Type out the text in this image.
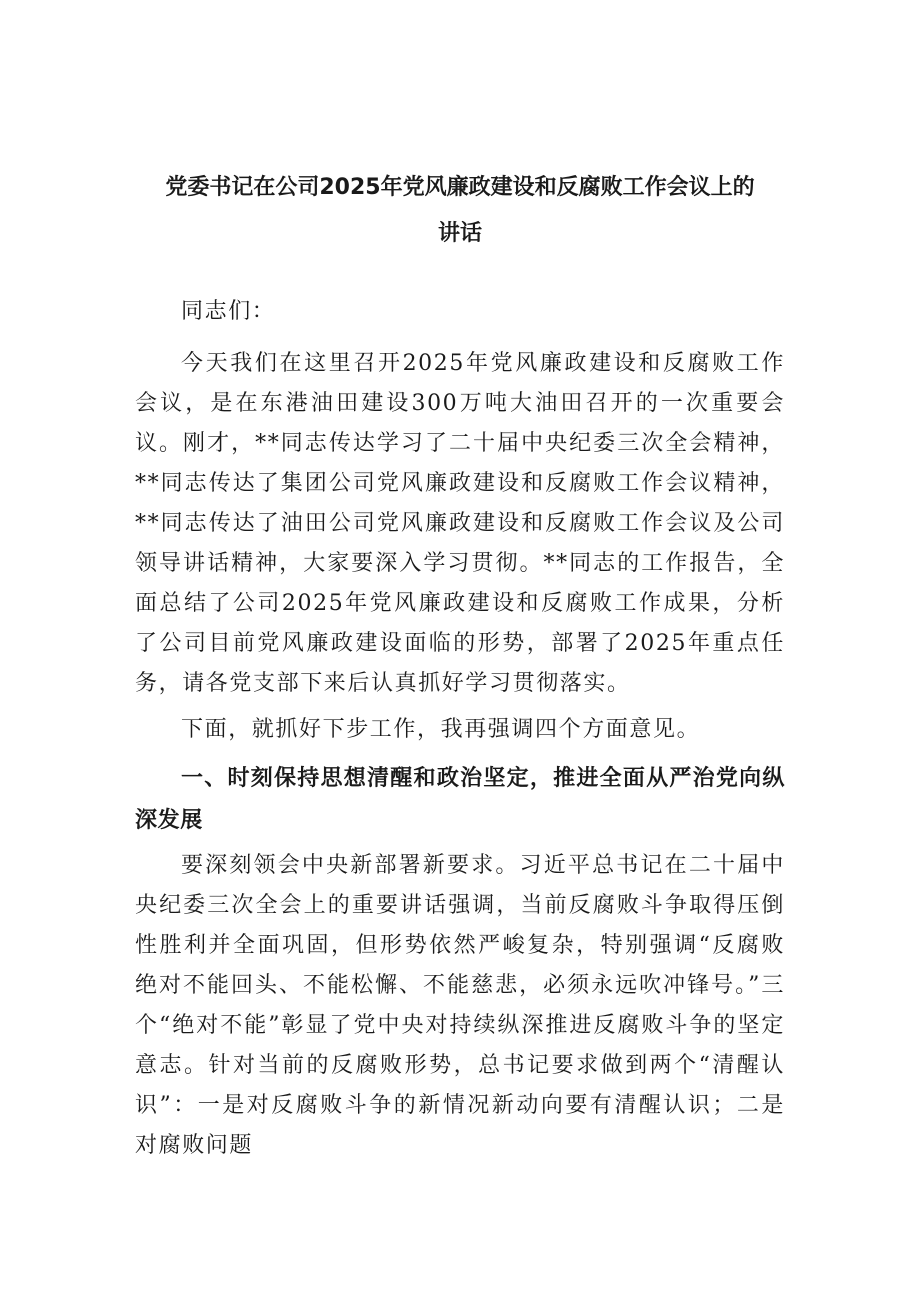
党委书记在公司2025年党风廉政建设和反腐败工作会议上的
讲话

同志们：

今天我们在这里召开2025年党风廉政建设和反腐败工作会议，是在东港油田建设300万吨大油田召开的一次重要会议。刚才，**同志传达学习了二十届中央纪委三次全会精神，**同志传达了集团公司党风廉政建设和反腐败工作会议精神，**同志传达了油田公司党风廉政建设和反腐败工作会议及公司领导讲话精神，大家要深入学习贯彻。**同志的工作报告，全面总结了公司2025年党风廉政建设和反腐败工作成果，分析了公司目前党风廉政建设面临的形势，部署了2025年重点任务，请各党支部下来后认真抓好学习贯彻落实。

下面，就抓好下步工作，我再强调四个方面意见。

一、时刻保持思想清醒和政治坚定，推进全面从严治党向纵深发展

要深刻领会中央新部署新要求。习近平总书记在二十届中央纪委三次全会上的重要讲话强调，当前反腐败斗争取得压倒性胜利并全面巩固，但形势依然严峻复杂，特别强调“反腐败绝对不能回头、不能松懈、不能慈悲，必须永远吹冲锋号。”三个“绝对不能”彰显了党中央对持续纵深推进反腐败斗争的坚定意志。针对当前的反腐败形势，总书记要求做到两个“清醒认识”：一是对反腐败斗争的新情况新动向要有清醒认识；二是对腐败问题
